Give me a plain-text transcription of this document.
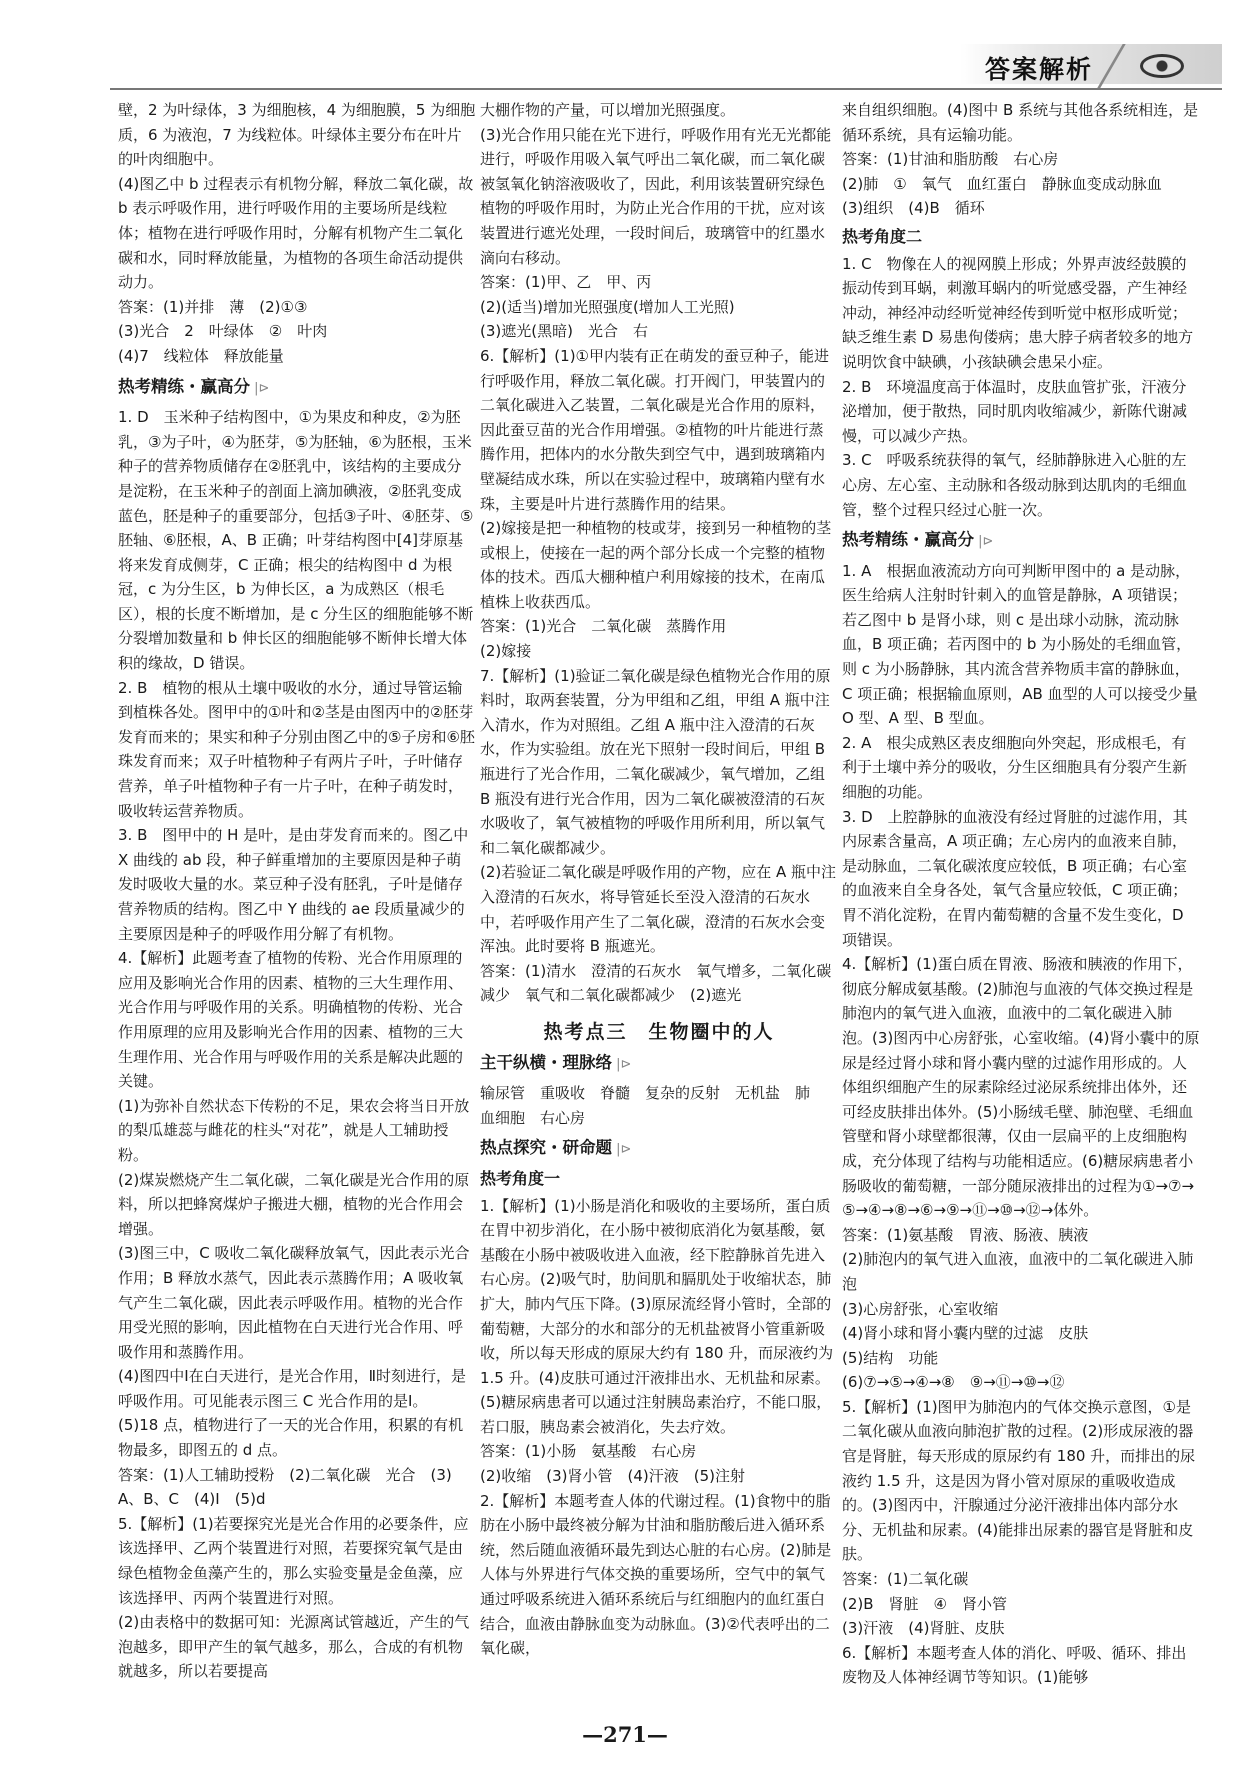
答案解析

壁，2 为叶绿体，3 为细胞核，4 为细胞膜，5 为细胞质，6 为液泡，7 为线粒体。叶绿体主要分布在叶片的叶肉细胞中。

(4)图乙中 b 过程表示有机物分解，释放二氧化碳，故 b 表示呼吸作用，进行呼吸作用的主要场所是线粒体；植物在进行呼吸作用时，分解有机物产生二氧化碳和水，同时释放能量，为植物的各项生命活动提供动力。

答案：(1)并排　薄　(2)①③

(3)光合　2　叶绿体　②　叶肉

(4)7　线粒体　释放能量

热考精练・赢高分 |⊳

1. D　玉米种子结构图中，①为果皮和种皮，②为胚乳，③为子叶，④为胚芽，⑤为胚轴，⑥为胚根，玉米种子的营养物质储存在②胚乳中，该结构的主要成分是淀粉，在玉米种子的剖面上滴加碘液，②胚乳变成蓝色，胚是种子的重要部分，包括③子叶、④胚芽、⑤胚轴、⑥胚根，A、B 正确；叶芽结构图中[4]芽原基将来发育成侧芽，C 正确；根尖的结构图中 d 为根冠，c 为分生区，b 为伸长区，a 为成熟区（根毛区），根的长度不断增加，是 c 分生区的细胞能够不断分裂增加数量和 b 伸长区的细胞能够不断伸长增大体积的缘故，D 错误。

2. B　植物的根从土壤中吸收的水分，通过导管运输到植株各处。图甲中的①叶和②茎是由图丙中的②胚芽发育而来的；果实和种子分别由图乙中的⑤子房和⑥胚珠发育而来；双子叶植物种子有两片子叶，子叶储存营养，单子叶植物种子有一片子叶，在种子萌发时，吸收转运营养物质。

3. B　图甲中的 H 是叶，是由芽发育而来的。图乙中 X 曲线的 ab 段，种子鲜重增加的主要原因是种子萌发时吸收大量的水。菜豆种子没有胚乳，子叶是储存营养物质的结构。图乙中 Y 曲线的 ae 段质量减少的主要原因是种子的呼吸作用分解了有机物。

4.【解析】此题考查了植物的传粉、光合作用原理的应用及影响光合作用的因素、植物的三大生理作用、光合作用与呼吸作用的关系。明确植物的传粉、光合作用原理的应用及影响光合作用的因素、植物的三大生理作用、光合作用与呼吸作用的关系是解决此题的关键。

(1)为弥补自然状态下传粉的不足，果农会将当日开放的梨瓜雄蕊与雌花的柱头“对花”，就是人工辅助授粉。

(2)煤炭燃烧产生二氧化碳，二氧化碳是光合作用的原料，所以把蜂窝煤炉子搬进大棚，植物的光合作用会增强。

(3)图三中，C 吸收二氧化碳释放氧气，因此表示光合作用；B 释放水蒸气，因此表示蒸腾作用；A 吸收氧气产生二氧化碳，因此表示呼吸作用。植物的光合作用受光照的影响，因此植物在白天进行光合作用、呼吸作用和蒸腾作用。

(4)图四中Ⅰ在白天进行，是光合作用，Ⅱ时刻进行，是呼吸作用。可见能表示图三 C 光合作用的是Ⅰ。

(5)18 点，植物进行了一天的光合作用，积累的有机物最多，即图五的 d 点。

答案：(1)人工辅助授粉　(2)二氧化碳　光合　(3)A、B、C　(4)Ⅰ　(5)d

5.【解析】(1)若要探究光是光合作用的必要条件，应该选择甲、乙两个装置进行对照，若要探究氧气是由绿色植物金鱼藻产生的，那么实验变量是金鱼藻，应该选择甲、丙两个装置进行对照。

(2)由表格中的数据可知：光源离试管越近，产生的气泡越多，即甲产生的氧气越多，那么，合成的有机物就越多，所以若要提高

大棚作物的产量，可以增加光照强度。

(3)光合作用只能在光下进行，呼吸作用有光无光都能进行，呼吸作用吸入氧气呼出二氧化碳，而二氧化碳被氢氧化钠溶液吸收了，因此，利用该装置研究绿色植物的呼吸作用时，为防止光合作用的干扰，应对该装置进行遮光处理，一段时间后，玻璃管中的红墨水滴向右移动。

答案：(1)甲、乙　甲、丙

(2)(适当)增加光照强度(增加人工光照)

(3)遮光(黑暗)　光合　右

6.【解析】(1)①甲内装有正在萌发的蚕豆种子，能进行呼吸作用，释放二氧化碳。打开阀门，甲装置内的二氧化碳进入乙装置，二氧化碳是光合作用的原料，因此蚕豆苗的光合作用增强。②植物的叶片能进行蒸腾作用，把体内的水分散失到空气中，遇到玻璃箱内壁凝结成水珠，所以在实验过程中，玻璃箱内壁有水珠，主要是叶片进行蒸腾作用的结果。

(2)嫁接是把一种植物的枝或芽，接到另一种植物的茎或根上，使接在一起的两个部分长成一个完整的植物体的技术。西瓜大棚种植户利用嫁接的技术，在南瓜植株上收获西瓜。

答案：(1)光合　二氧化碳　蒸腾作用

(2)嫁接

7.【解析】(1)验证二氧化碳是绿色植物光合作用的原料时，取两套装置，分为甲组和乙组，甲组 A 瓶中注入清水，作为对照组。乙组 A 瓶中注入澄清的石灰水，作为实验组。放在光下照射一段时间后，甲组 B 瓶进行了光合作用，二氧化碳减少，氧气增加，乙组 B 瓶没有进行光合作用，因为二氧化碳被澄清的石灰水吸收了，氧气被植物的呼吸作用所利用，所以氧气和二氧化碳都减少。

(2)若验证二氧化碳是呼吸作用的产物，应在 A 瓶中注入澄清的石灰水，将导管延长至没入澄清的石灰水中，若呼吸作用产生了二氧化碳，澄清的石灰水会变浑浊。此时要将 B 瓶遮光。

答案：(1)清水　澄清的石灰水　氧气增多，二氧化碳减少　氧气和二氧化碳都减少　(2)遮光

热考点三　生物圈中的人
主干纵横・理脉络 |⊳

输尿管　重吸收　脊髓　复杂的反射　无机盐　肺　血细胞　右心房

热点探究・研命题 |⊳
热考角度一

1.【解析】(1)小肠是消化和吸收的主要场所，蛋白质在胃中初步消化，在小肠中被彻底消化为氨基酸，氨基酸在小肠中被吸收进入血液，经下腔静脉首先进入右心房。(2)吸气时，肋间肌和膈肌处于收缩状态，肺扩大，肺内气压下降。(3)原尿流经肾小管时，全部的葡萄糖，大部分的水和部分的无机盐被肾小管重新吸收，所以每天形成的原尿大约有 180 升，而尿液约为 1.5 升。(4)皮肤可通过汗液排出水、无机盐和尿素。(5)糖尿病患者可以通过注射胰岛素治疗，不能口服，若口服，胰岛素会被消化，失去疗效。

答案：(1)小肠　氨基酸　右心房

(2)收缩　(3)肾小管　(4)汗液　(5)注射

2.【解析】本题考查人体的代谢过程。(1)食物中的脂肪在小肠中最终被分解为甘油和脂肪酸后进入循环系统，然后随血液循环最先到达心脏的右心房。(2)肺是人体与外界进行气体交换的重要场所，空气中的氧气通过呼吸系统进入循环系统后与红细胞内的血红蛋白结合，血液由静脉血变为动脉血。(3)②代表呼出的二氧化碳，

来自组织细胞。(4)图中 B 系统与其他各系统相连，是循环系统，具有运输功能。

答案：(1)甘油和脂肪酸　右心房

(2)肺　①　氧气　血红蛋白　静脉血变成动脉血

(3)组织　(4)B　循环

热考角度二

1. C　物像在人的视网膜上形成；外界声波经鼓膜的振动传到耳蜗，刺激耳蜗内的听觉感受器，产生神经冲动，神经冲动经听觉神经传到听觉中枢形成听觉；缺乏维生素 D 易患佝偻病；患大脖子病者较多的地方说明饮食中缺碘，小孩缺碘会患呆小症。

2. B　环境温度高于体温时，皮肤血管扩张，汗液分泌增加，便于散热，同时肌肉收缩减少，新陈代谢减慢，可以减少产热。

3. C　呼吸系统获得的氧气，经肺静脉进入心脏的左心房、左心室、主动脉和各级动脉到达肌肉的毛细血管，整个过程只经过心脏一次。

热考精练・赢高分 |⊳

1. A　根据血液流动方向可判断甲图中的 a 是动脉，医生给病人注射时针刺入的血管是静脉，A 项错误；若乙图中 b 是肾小球，则 c 是出球小动脉，流动脉血，B 项正确；若丙图中的 b 为小肠处的毛细血管，则 c 为小肠静脉，其内流含营养物质丰富的静脉血，C 项正确；根据输血原则，AB 血型的人可以接受少量 O 型、A 型、B 型血。

2. A　根尖成熟区表皮细胞向外突起，形成根毛，有利于土壤中养分的吸收，分生区细胞具有分裂产生新细胞的功能。

3. D　上腔静脉的血液没有经过肾脏的过滤作用，其内尿素含量高，A 项正确；左心房内的血液来自肺，是动脉血，二氧化碳浓度应较低，B 项正确；右心室的血液来自全身各处，氧气含量应较低，C 项正确；胃不消化淀粉，在胃内葡萄糖的含量不发生变化，D 项错误。

4.【解析】(1)蛋白质在胃液、肠液和胰液的作用下，彻底分解成氨基酸。(2)肺泡与血液的气体交换过程是肺泡内的氧气进入血液，血液中的二氧化碳进入肺泡。(3)图丙中心房舒张，心室收缩。(4)肾小囊中的原尿是经过肾小球和肾小囊内壁的过滤作用形成的。人体组织细胞产生的尿素除经过泌尿系统排出体外，还可经皮肤排出体外。(5)小肠绒毛壁、肺泡壁、毛细血管壁和肾小球壁都很薄，仅由一层扁平的上皮细胞构成，充分体现了结构与功能相适应。(6)糖尿病患者小肠吸收的葡萄糖，一部分随尿液排出的过程为①→⑦→⑤→④→⑧→⑥→⑨→⑪→⑩→⑫→体外。

答案：(1)氨基酸　胃液、肠液、胰液

(2)肺泡内的氧气进入血液，血液中的二氧化碳进入肺泡

(3)心房舒张，心室收缩

(4)肾小球和肾小囊内壁的过滤　皮肤

(5)结构　功能

(6)⑦→⑤→④→⑧　⑨→⑪→⑩→⑫

5.【解析】(1)图甲为肺泡内的气体交换示意图，①是二氧化碳从血液向肺泡扩散的过程。(2)形成尿液的器官是肾脏，每天形成的原尿约有 180 升，而排出的尿液约 1.5 升，这是因为肾小管对原尿的重吸收造成的。(3)图丙中，汗腺通过分泌汗液排出体内部分水分、无机盐和尿素。(4)能排出尿素的器官是肾脏和皮肤。

答案：(1)二氧化碳

(2)B　肾脏　④　肾小管

(3)汗液　(4)肾脏、皮肤

6.【解析】本题考查人体的消化、呼吸、循环、排出废物及人体神经调节等知识。(1)能够

—271—
